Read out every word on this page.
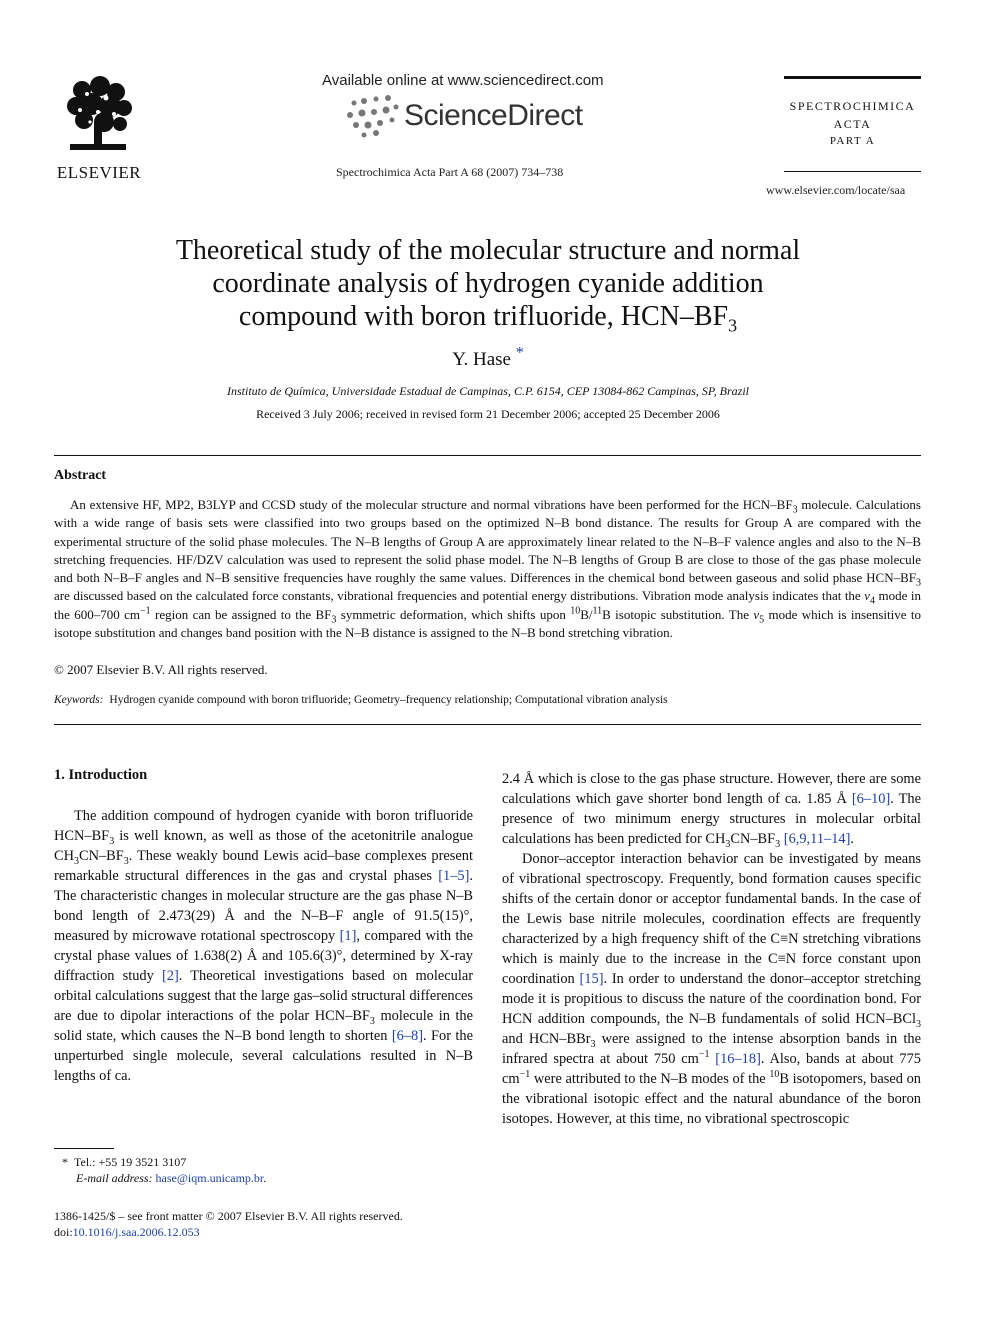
ELSEVIER
Available online at www.sciencedirect.com
ScienceDirect
Spectrochimica Acta Part A 68 (2007) 734–738
SPECTROCHIMICA
ACTA
PART A
www.elsevier.com/locate/saa
Theoretical study of the molecular structure and normal
coordinate analysis of hydrogen cyanide addition
compound with boron trifluoride, HCN–$BF_3$
Y. Hase *
Instituto de Química, Universidade Estadual de Campinas, C.P. 6154, CEP 13084-862 Campinas, SP, Brazil
Received 3 July 2006; received in revised form 21 December 2006; accepted 25 December 2006
Abstract

An extensive HF, MP2, B3LYP and CCSD study of the molecular structure and normal vibrations have been performed for the HCN–$BF_3$ molecule. Calculations with a wide range of basis sets were classified into two groups based on the optimized N–B bond distance. The results for Group A are compared with the experimental structure of the solid phase molecules. The N–B lengths of Group A are approximately linear related to the N–B–F valence angles and also to the N–B stretching frequencies. HF/DZV calculation was used to represent the solid phase model. The N–B lengths of Group B are close to those of the gas phase molecule and both N–B–F angles and N–B sensitive frequencies have roughly the same values. Differences in the chemical bond between gaseous and solid phase HCN–$BF_3$ are discussed based on the calculated force constants, vibrational frequencies and potential energy distributions. Vibration mode analysis indicates that the $\nu_4$ mode in the 600–700 $cm^{-1}$ region can be assigned to the $BF_3$ symmetric deformation, which shifts upon $^{10}$B/$^{11}$B isotopic substitution. The $\nu_5$ mode which is insensitive to isotope substitution and changes band position with the N–B distance is assigned to the N–B bond stretching vibration.

© 2007 Elsevier B.V. All rights reserved.
Keywords: Hydrogen cyanide compound with boron trifluoride; Geometry–frequency relationship; Computational vibration analysis
1. Introduction

The addition compound of hydrogen cyanide with boron trifluoride HCN–$BF_3$ is well known, as well as those of the acetonitrile analogue $CH_3CN-BF_3$. These weakly bound Lewis acid–base complexes present remarkable structural differences in the gas and crystal phases [1–5]. The characteristic changes in molecular structure are the gas phase N–B bond length of 2.473(29) Å and the N–B–F angle of 91.5(15)°, measured by microwave rotational spectroscopy [1], compared with the crystal phase values of 1.638(2) Å and 105.6(3)°, determined by X-ray diffraction study [2]. Theoretical investigations based on molecular orbital calculations suggest that the large gas–solid structural differences are due to dipolar interactions of the polar HCN–$BF_3$ molecule in the solid state, which causes the N–B bond length to shorten [6–8]. For the unperturbed single molecule, several calculations resulted in N–B lengths of ca.

2.4 Å which is close to the gas phase structure. However, there are some calculations which gave shorter bond length of ca. 1.85 Å [6–10]. The presence of two minimum energy structures in molecular orbital calculations has been predicted for $CH_3CN-BF_3$ [6,9,11–14].

Donor–acceptor interaction behavior can be investigated by means of vibrational spectroscopy. Frequently, bond formation causes specific shifts of the certain donor or acceptor fundamental bands. In the case of the Lewis base nitrile molecules, coordination effects are frequently characterized by a high frequency shift of the C≡N stretching vibrations which is mainly due to the increase in the C≡N force constant upon coordination [15]. In order to understand the donor–acceptor stretching mode it is propitious to discuss the nature of the coordination bond. For HCN addition compounds, the N–B fundamentals of solid HCN–BCl$_3$ and HCN–BBr$_3$ were assigned to the intense absorption bands in the infrared spectra at about 750 $cm^{-1}$ [16–18]. Also, bands at about 775 $cm^{-1}$ were attributed to the N–B modes of the $^{10}$B isotopomers, based on the vibrational isotopic effect and the natural abundance of the boron isotopes. However, at this time, no vibrational spectroscopic

* Tel.: +55 19 3521 3107
E-mail address: hase@iqm.unicamp.br.
1386-1425/$ – see front matter © 2007 Elsevier B.V. All rights reserved.
doi:10.1016/j.saa.2006.12.053
